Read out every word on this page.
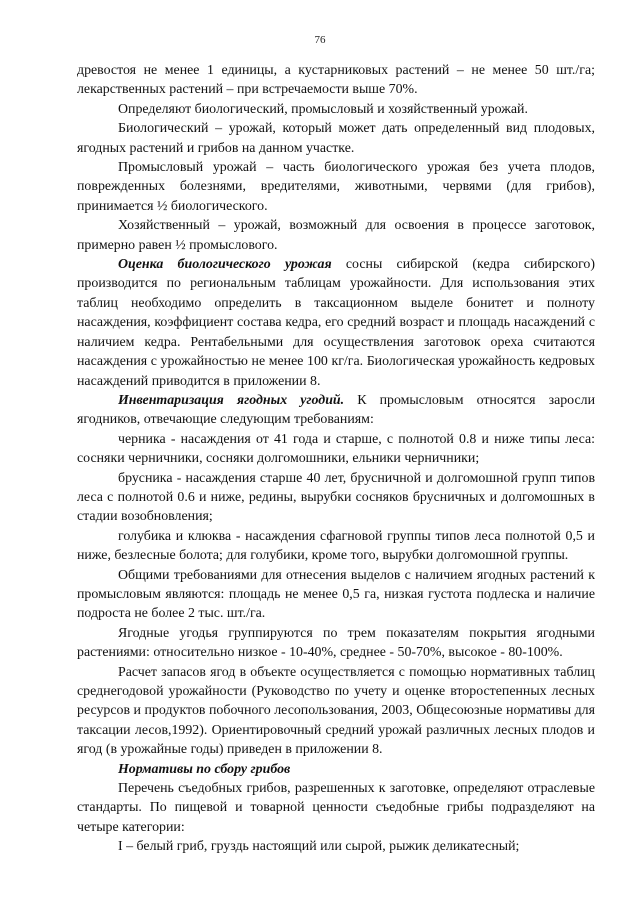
76

древостоя не менее 1 единицы, а кустарниковых растений – не менее 50 шт./га; лекарственных растений – при встречаемости выше 70%.

Определяют биологический, промысловый и хозяйственный урожай.

Биологический – урожай, который может дать определенный вид плодовых, ягодных растений и грибов на данном участке.

Промысловый урожай – часть биологического урожая без учета плодов, поврежденных болезнями, вредителями, животными, червями (для грибов), принимается ½ биологического.

Хозяйственный – урожай, возможный для освоения в процессе заготовок, примерно равен ½ промыслового.

Оценка биологического урожая сосны сибирской (кедра сибирского) производится по региональным таблицам урожайности. Для использования этих таблиц необходимо определить в таксационном выделе бонитет и полноту насаждения, коэффициент состава кедра, его средний возраст и площадь насаждений с наличием кедра. Рентабельными для осуществления заготовок ореха считаются насаждения с урожайностью не менее 100 кг/га. Биологическая урожайность кедровых насаждений приводится в приложении 8.

Инвентаризация ягодных угодий. К промысловым относятся заросли ягодников, отвечающие следующим требованиям:

черника - насаждения от 41 года и старше, с полнотой 0.8 и ниже типы леса: сосняки черничники, сосняки долгомошники, ельники черничники;

брусника - насаждения старше 40 лет, брусничной и долгомошной групп типов леса с полнотой 0.6 и ниже, редины, вырубки сосняков брусничных и долгомошных в стадии возобновления;

голубика и клюква - насаждения сфагновой группы типов леса полнотой 0,5 и ниже, безлесные болота; для голубики, кроме того, вырубки долгомошной группы.

Общими требованиями для отнесения выделов с наличием ягодных растений к промысловым являются: площадь не менее 0,5 га, низкая густота подлеска и наличие подроста не более 2 тыс. шт./га.

Ягодные угодья группируются по трем показателям покрытия ягодными растениями: относительно низкое - 10-40%, среднее - 50-70%, высокое - 80-100%.

Расчет запасов ягод в объекте осуществляется с помощью нормативных таблиц среднегодовой урожайности (Руководство по учету и оценке второстепенных лесных ресурсов и продуктов побочного лесопользования, 2003, Общесоюзные нормативы для таксации лесов,1992). Ориентировочный средний урожай различных лесных плодов и ягод (в урожайные годы) приведен в приложении 8.

Нормативы по сбору грибов

Перечень съедобных грибов, разрешенных к заготовке, определяют отраслевые стандарты. По пищевой и товарной ценности съедобные грибы подразделяют на четыре категории:

I – белый гриб, груздь настоящий или сырой, рыжик деликатесный;
